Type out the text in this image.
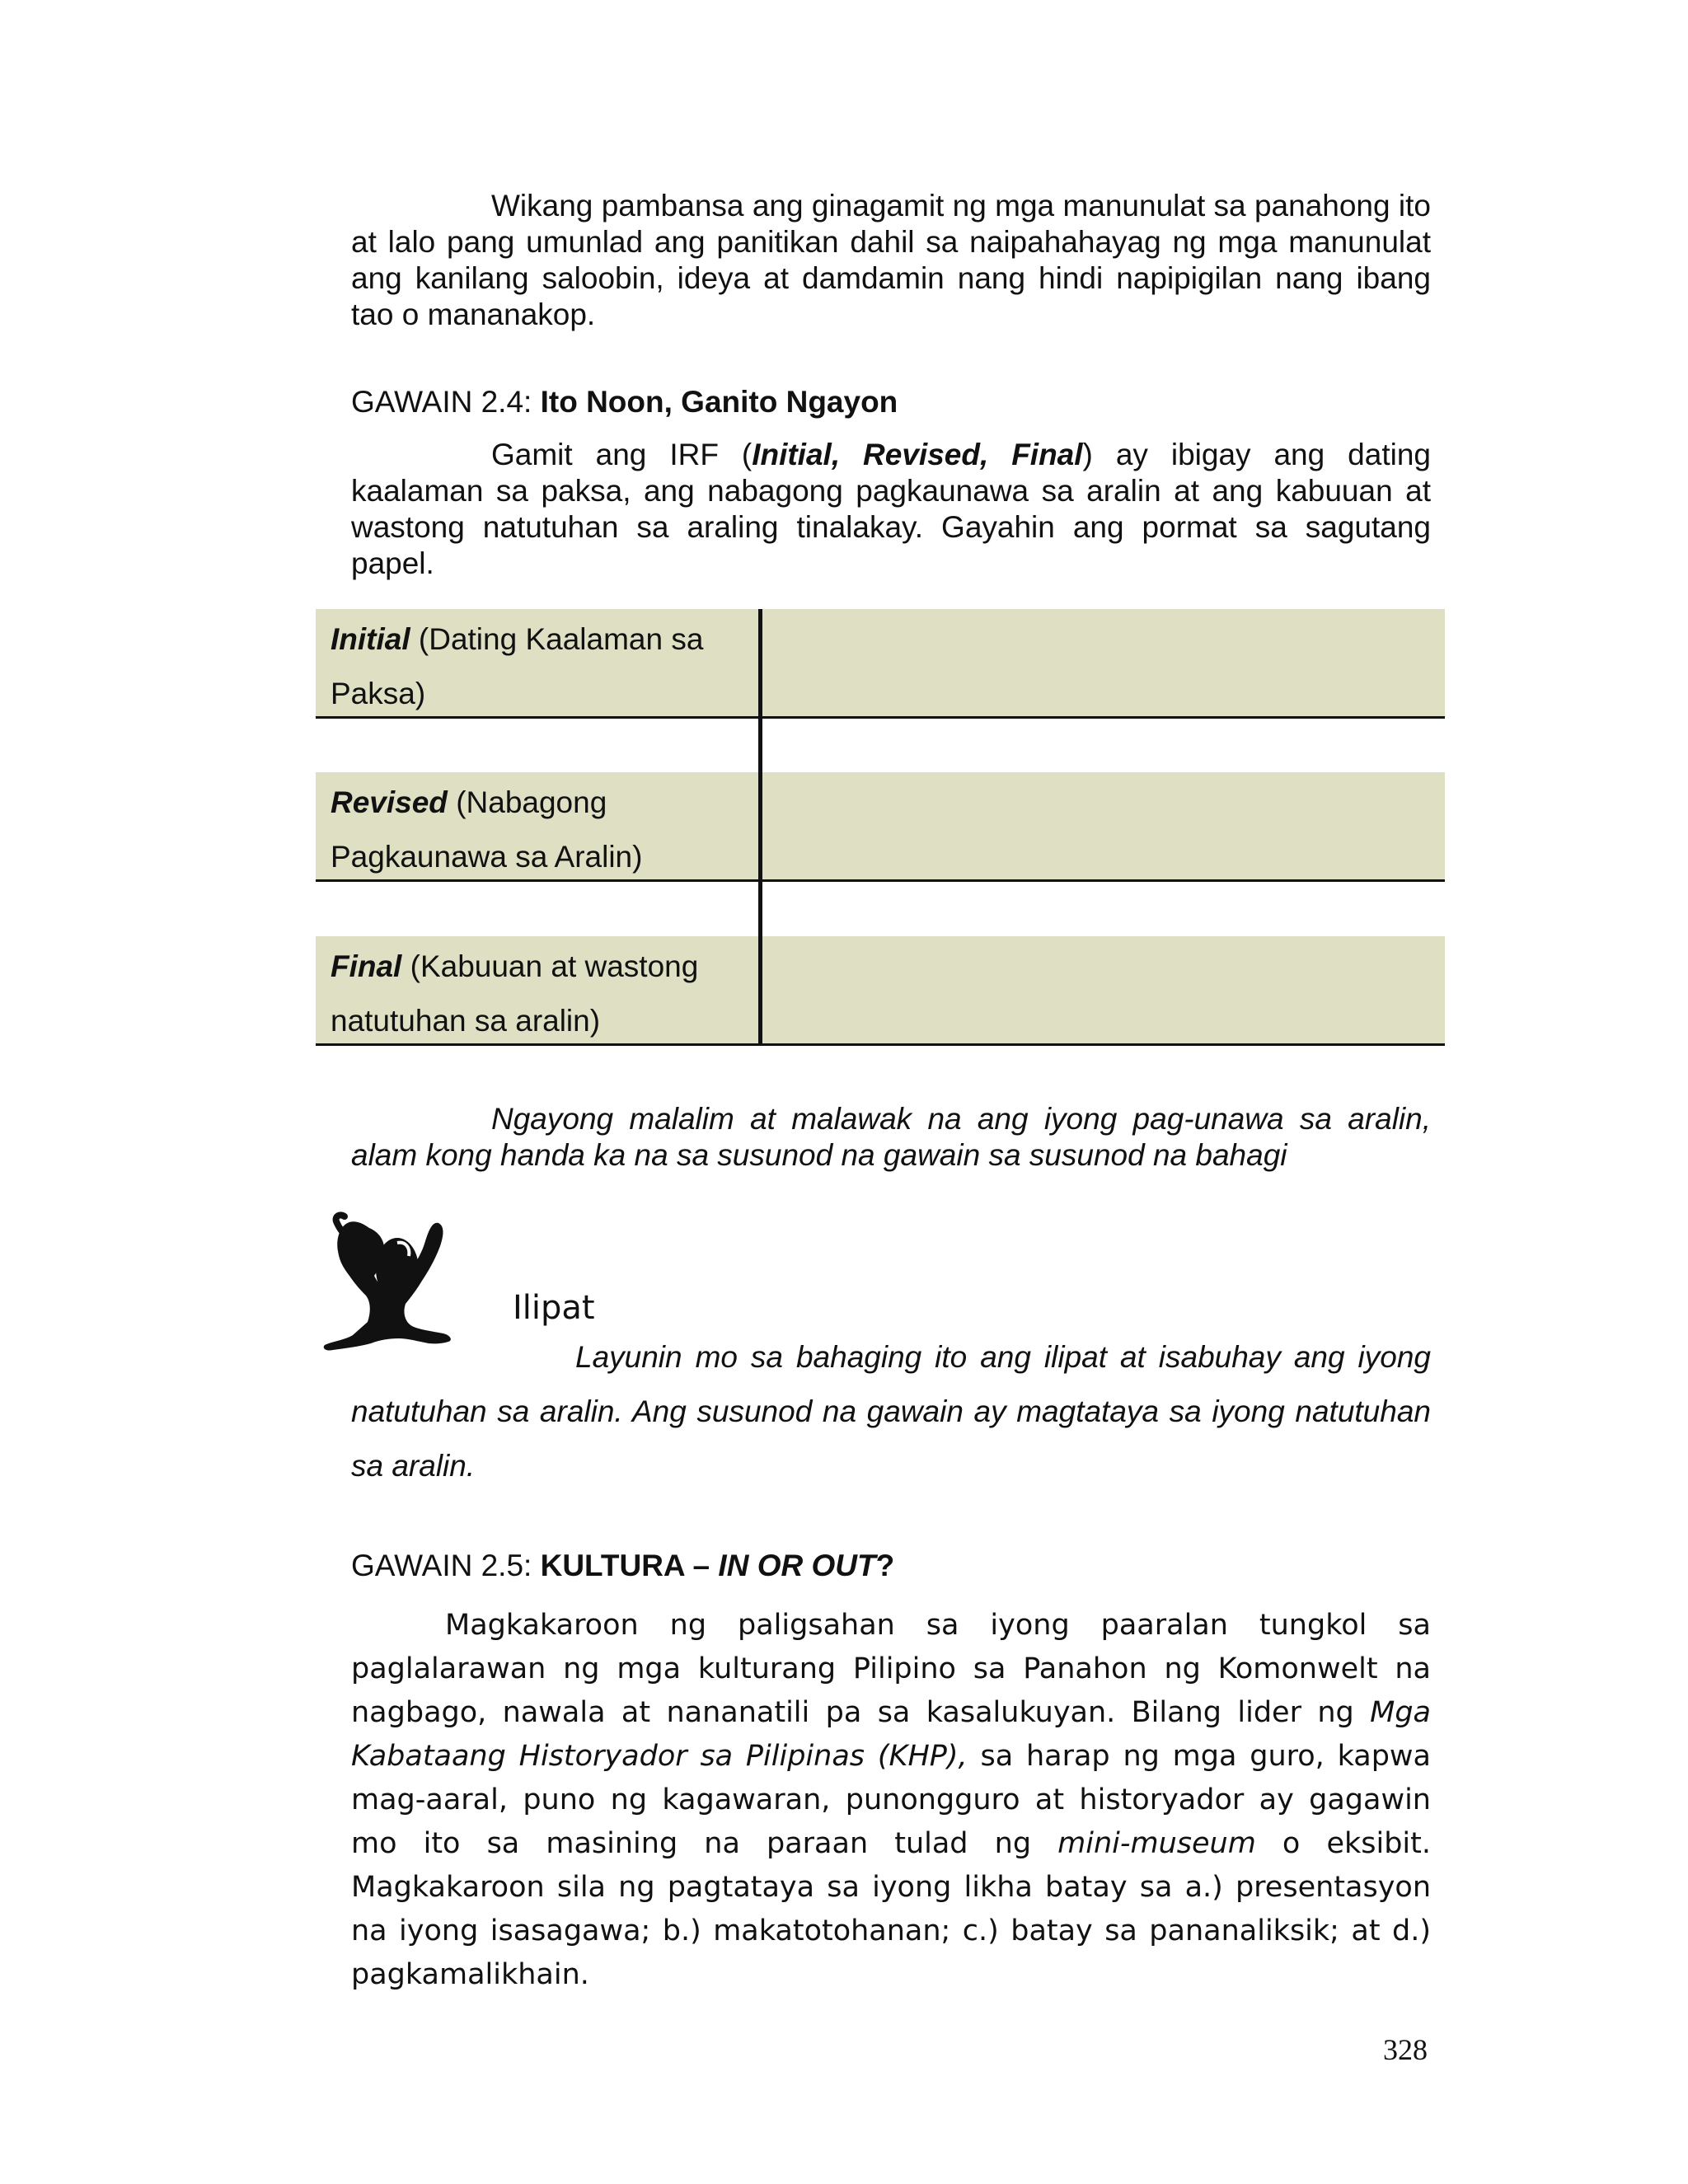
Wikang pambansa ang ginagamit ng mga manunulat sa panahong ito at lalo pang umunlad ang panitikan dahil sa naipahahayag ng mga manunulat ang kanilang saloobin, ideya at damdamin nang hindi napipigilan nang ibang tao o mananakop.

GAWAIN 2.4: Ito Noon, Ganito Ngayon

Gamit ang IRF (Initial, Revised, Final) ay ibigay ang dating kaalaman sa paksa, ang nabagong pagkaunawa sa aralin at ang kabuuan at wastong natutuhan sa araling tinalakay. Gayahin ang pormat sa sagutang papel.

Initial (Dating Kaalaman sa Paksa)
Revised (Nabagong Pagkaunawa sa Aralin)
Final (Kabuuan at wastong natutuhan sa aralin)

Ngayong malalim at malawak na ang iyong pag-unawa sa aralin, alam kong handa ka na sa susunod na gawain sa susunod na bahagi

Ilipat

Layunin mo sa bahaging ito ang ilipat at isabuhay ang iyong natutuhan sa aralin. Ang susunod na gawain ay magtataya sa iyong natutuhan sa aralin.

GAWAIN 2.5: KULTURA – IN OR OUT?

Magkakaroon ng paligsahan sa iyong paaralan tungkol sa paglalarawan ng mga kulturang Pilipino sa Panahon ng Komonwelt na nagbago, nawala at nananatili pa sa kasalukuyan. Bilang lider ng Mga Kabataang Historyador sa Pilipinas (KHP), sa harap ng mga guro, kapwa mag-aaral, puno ng kagawaran, punongguro at historyador ay gagawin mo ito sa masining na paraan tulad ng mini-museum o eksibit. Magkakaroon sila ng pagtataya sa iyong likha batay sa a.) presentasyon na iyong isasagawa; b.) makatotohanan; c.) batay sa pananaliksik; at d.) pagkamalikhain.

328
